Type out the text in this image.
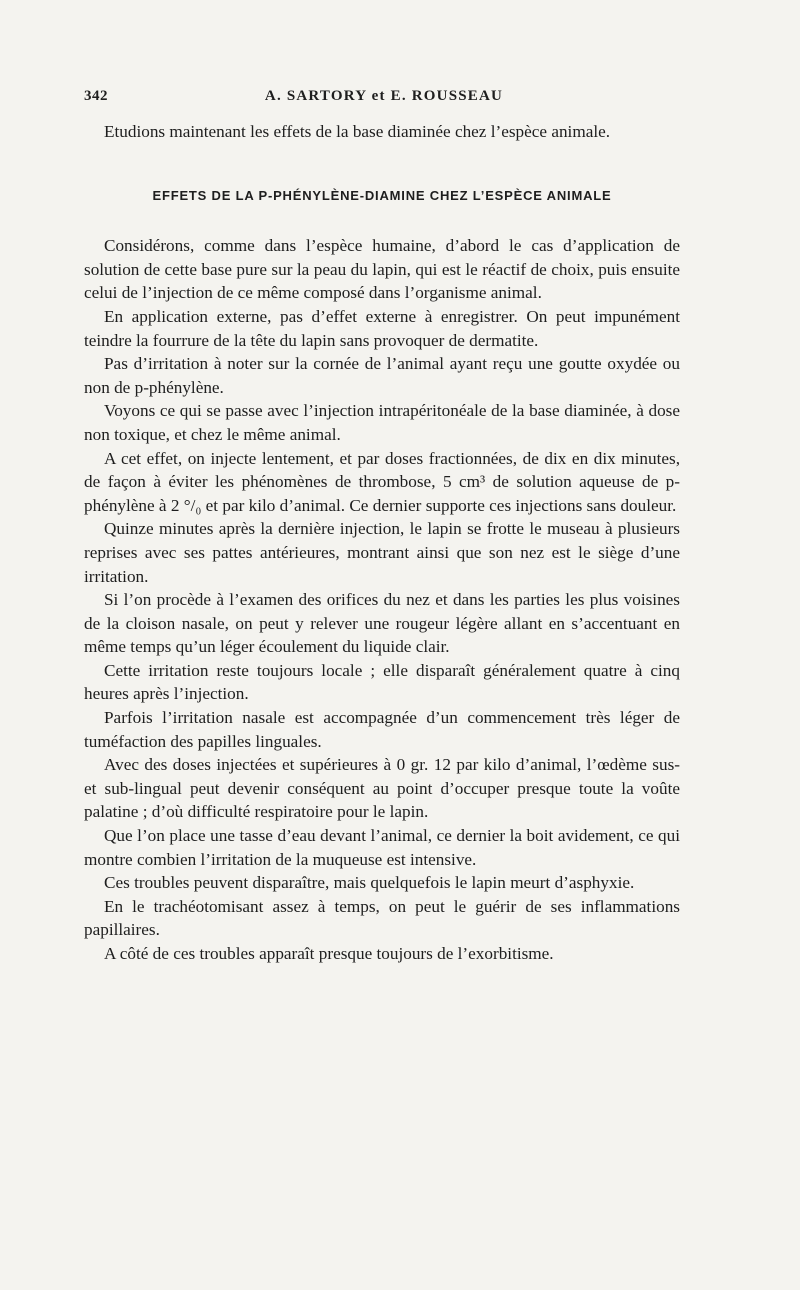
342	A. SARTORY et E. ROUSSEAU

Etudions maintenant les effets de la base diaminée chez l’espèce animale.

EFFETS DE LA P-PHÉNYLÈNE-DIAMINE CHEZ L’ESPÈCE ANIMALE

Considérons, comme dans l’espèce humaine, d’abord le cas d’application de solution de cette base pure sur la peau du lapin, qui est le réactif de choix, puis ensuite celui de l’injection de ce même composé dans l’organisme animal.

En application externe, pas d’effet externe à enregistrer. On peut impunément teindre la fourrure de la tête du lapin sans provoquer de dermatite.

Pas d’irritation à noter sur la cornée de l’animal ayant reçu une goutte oxydée ou non de p-phénylène.

Voyons ce qui se passe avec l’injection intrapéritonéale de la base diaminée, à dose non toxique, et chez le même animal.

A cet effet, on injecte lentement, et par doses fractionnées, de dix en dix minutes, de façon à éviter les phénomènes de thrombose, 5 cm³ de solution aqueuse de p-phénylène à 2 °/₀ et par kilo d’animal. Ce dernier supporte ces injections sans douleur.

Quinze minutes après la dernière injection, le lapin se frotte le museau à plusieurs reprises avec ses pattes antérieures, montrant ainsi que son nez est le siège d’une irritation.

Si l’on procède à l’examen des orifices du nez et dans les parties les plus voisines de la cloison nasale, on peut y relever une rougeur légère allant en s’accentuant en même temps qu’un léger écoulement du liquide clair.

Cette irritation reste toujours locale ; elle disparaît généralement quatre à cinq heures après l’injection.

Parfois l’irritation nasale est accompagnée d’un commencement très léger de tuméfaction des papilles linguales.

Avec des doses injectées et supérieures à 0 gr. 12 par kilo d’animal, l’œdème sus- et sub-lingual peut devenir conséquent au point d’occuper presque toute la voûte palatine ; d’où difficulté respiratoire pour le lapin.

Que l’on place une tasse d’eau devant l’animal, ce dernier la boit avidement, ce qui montre combien l’irritation de la muqueuse est intensive.

Ces troubles peuvent disparaître, mais quelquefois le lapin meurt d’asphyxie.

En le trachéotomisant assez à temps, on peut le guérir de ses inflammations papillaires.

A côté de ces troubles apparaît presque toujours de l’exorbitisme.
